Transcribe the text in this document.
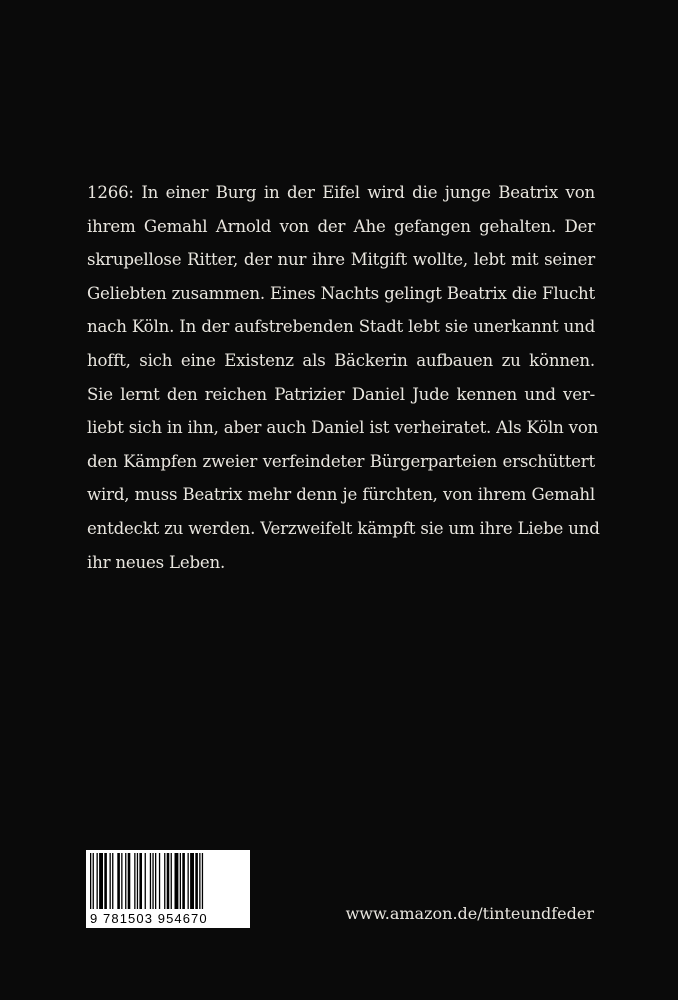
1266: In einer Burg in der Eifel wird die junge Beatrix von
ihrem Gemahl Arnold von der Ahe gefangen gehalten. Der
skrupellose Ritter, der nur ihre Mitgift wollte, lebt mit seiner
Geliebten zusammen. Eines Nachts gelingt Beatrix die Flucht
nach Köln. In der aufstrebenden Stadt lebt sie unerkannt und
hofft, sich eine Existenz als Bäckerin aufbauen zu können.
Sie lernt den reichen Patrizier Daniel Jude kennen und ver-
liebt sich in ihn, aber auch Daniel ist verheiratet. Als Köln von
den Kämpfen zweier verfeindeter Bürgerparteien erschüttert
wird, muss Beatrix mehr denn je fürchten, von ihrem Gemahl
entdeckt zu werden. Verzweifelt kämpft sie um ihre Liebe und
ihr neues Leben.
9 781503 954670	www.amazon.de/tinteundfeder
